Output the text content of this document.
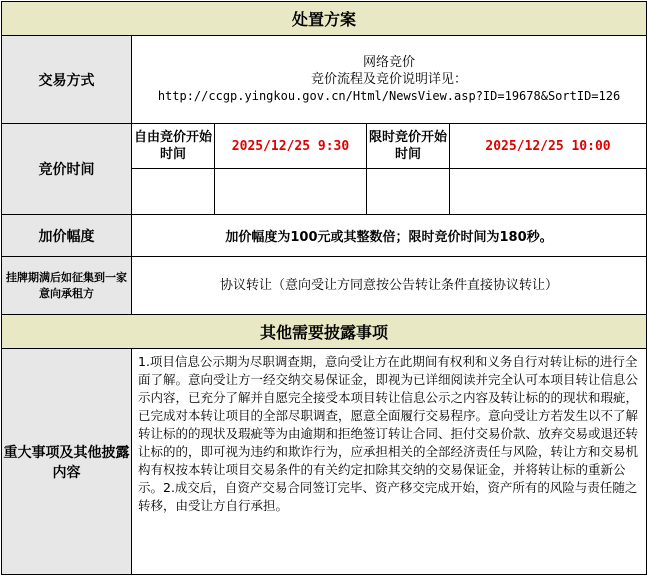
处置方案				
交易方式	网络竞价
竞价流程及竞价说明详见：
http://ccgp.yingkou.gov.cn/Html/NewsView.asp?ID=19678&SortID=126			

竞价时间	自由竞价开始时间	2025/12/25 9:30	限时竞价开始时间	2025/12/25 10:00

加价幅度	加价幅度为100元或其整数倍；限时竞价时间为180秒。			
挂牌期满后如征集到一家意向承租方	协议转让（意向受让方同意按公告转让条件直接协议转让）			
其他需要披露事项				
重大事项及其他披露内容	1.项目信息公示期为尽职调查期，意向受让方在此期间有权利和义务自行对转让标的进行全面了解。意向受让方一经交纳交易保证金，即视为已详细阅读并完全认可本项目转让信息公示内容，已充分了解并自愿完全接受本项目转让信息公示之内容及转让标的的现状和瑕疵，已完成对本转让项目的全部尽职调查，愿意全面履行交易程序。意向受让方若发生以不了解转让标的的现状及瑕疵等为由逾期和拒绝签订转让合同、拒付交易价款、放弃交易或退还转让标的的，即可视为违约和欺诈行为，应承担相关的全部经济责任与风险，转让方和交易机构有权按本转让项目交易条件的有关约定扣除其交纳的交易保证金，并将转让标的重新公示。2.成交后，自资产交易合同签订完毕、资产移交完成开始，资产所有的风险与责任随之转移，由受让方自行承担。			
